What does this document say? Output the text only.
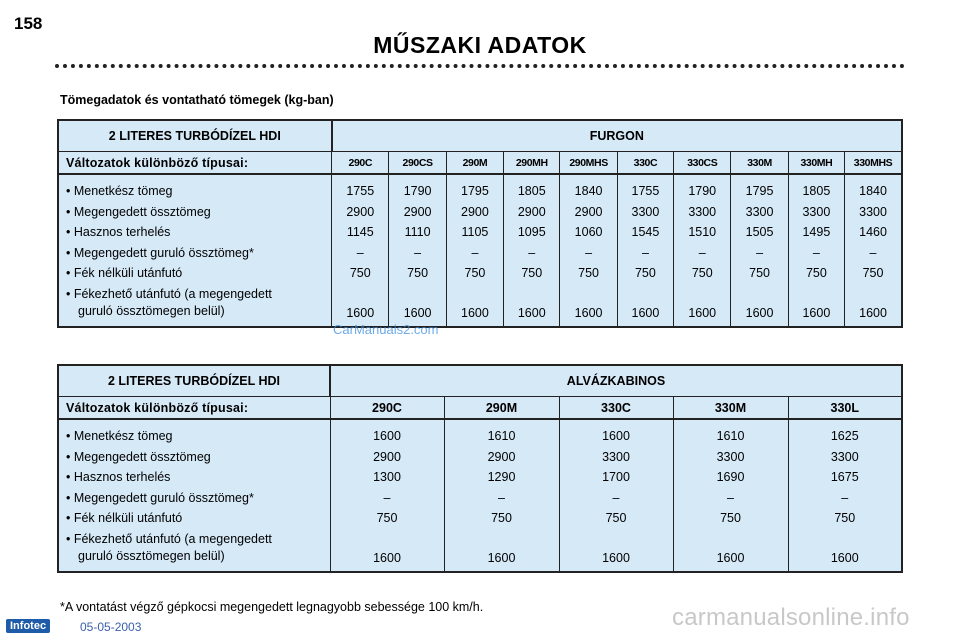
158
MŰSZAKI ADATOK
Tömegadatok és vontatható tömegek (kg-ban)
2 LITERES TURBÓDÍZEL HDI	FURGON									
Változatok különböző típusai:	290C	290CS	290M	290MH	290MHS	330C	330CS	330M	330MH	330MHS
• Menetkész tömeg	1755	1790	1795	1805	1840	1755	1790	1795	1805	1840
• Megengedett össztömeg	2900	2900	2900	2900	2900	3300	3300	3300	3300	3300
• Hasznos terhelés	1145	1110	1105	1095	1060	1545	1510	1505	1495	1460
• Megengedett guruló össztömeg*	–	–	–	–	–	–	–	–	–	–
• Fék nélküli utánfutó	750	750	750	750	750	750	750	750	750	750

• Fékezhető utánfutó (a megengedett
guruló össztömegen belül)	1600	1600	1600	1600	1600	1600	1600	1600	1600	1600
CarManuals2.com
2 LITERES TURBÓDÍZEL HDI	ALVÁZKABINOS				
Változatok különböző típusai:	290C	290M	330C	330M	330L
• Menetkész tömeg	1600	1610	1600	1610	1625
• Megengedett össztömeg	2900	2900	3300	3300	3300
• Hasznos terhelés	1300	1290	1700	1690	1675
• Megengedett guruló össztömeg*	–	–	–	–	–
• Fék nélküli utánfutó	750	750	750	750	750

• Fékezhető utánfutó (a megengedett
guruló össztömegen belül)	1600	1600	1600	1600	1600
*A vontatást végző gépkocsi megengedett legnagyobb sebessége 100 km/h.
Infotec	05-05-2003	carmanualsonline.info
